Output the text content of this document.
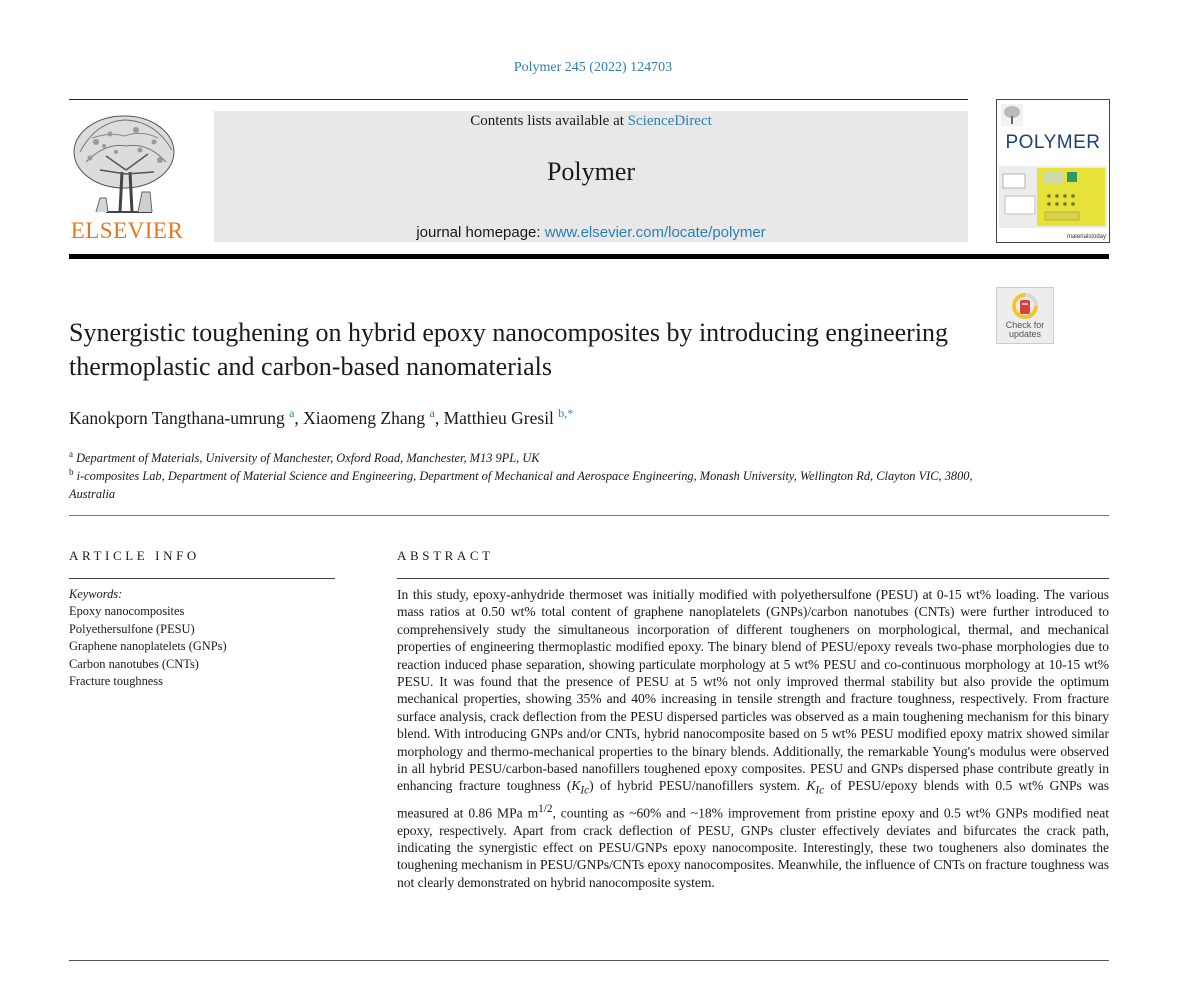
Polymer 245 (2022) 124703
ELSEVIER
Contents lists available at ScienceDirect
Polymer
journal homepage: www.elsevier.com/locate/polymer
POLYMER
materialstoday
Check for
updates
Synergistic toughening on hybrid epoxy nanocomposites by introducing engineering thermoplastic and carbon-based nanomaterials
Kanokporn Tangthana-umrung $^a$, Xiaomeng Zhang $^a$, Matthieu Gresil $^{b,*}$
$^a$ Department of Materials, University of Manchester, Oxford Road, Manchester, M13 9PL, UK
$^b$ i-composites Lab, Department of Material Science and Engineering, Department of Mechanical and Aerospace Engineering, Monash University, Wellington Rd, Clayton VIC, 3800, Australia
ARTICLE INFO
Keywords:
Epoxy nanocomposites
Polyethersulfone (PESU)
Graphene nanoplatelets (GNPs)
Carbon nanotubes (CNTs)
Fracture toughness
ABSTRACT
In this study, epoxy-anhydride thermoset was initially modified with polyethersulfone (PESU) at 0-15 wt% loading. The various mass ratios at 0.50 wt% total content of graphene nanoplatelets (GNPs)/carbon nanotubes (CNTs) were further introduced to comprehensively study the simultaneous incorporation of different tougheners on morphological, thermal, and mechanical properties of engineering thermoplastic modified epoxy. The binary blend of PESU/epoxy reveals two-phase morphologies due to reaction induced phase separation, showing particulate morphology at 5 wt% PESU and co-continuous morphology at 10-15 wt% PESU. It was found that the presence of PESU at 5 wt% not only improved thermal stability but also provide the optimum mechanical properties, showing 35% and 40% increasing in tensile strength and fracture toughness, respectively. From fracture surface analysis, crack deflection from the PESU dispersed particles was observed as a main toughening mechanism for this binary blend. With introducing GNPs and/or CNTs, hybrid nanocomposite based on 5 wt% PESU modified epoxy matrix showed similar morphology and thermo-mechanical properties to the binary blends. Additionally, the remarkable Young's modulus were observed in all hybrid PESU/carbon-based nanofillers toughened epoxy composites. PESU and GNPs dispersed phase contribute greatly in enhancing fracture toughness $(K_{Ic})$ of hybrid PESU/nanofillers system. $K_{Ic}$ of PESU/epoxy blends with 0.5 wt% GNPs was measured at 0.86 MPa $m^{1/2}$, counting as ~60% and ~18% improvement from pristine epoxy and 0.5 wt% GNPs modified neat epoxy, respectively. Apart from crack deflection of PESU, GNPs cluster effectively deviates and bifurcates the crack path, indicating the synergistic effect on PESU/GNPs epoxy nanocomposite. Interestingly, these two tougheners also dominates the toughening mechanism in PESU/GNPs/CNTs epoxy nanocomposites. Meanwhile, the influence of CNTs on fracture toughness was not clearly demonstrated on hybrid nanocomposite system.
